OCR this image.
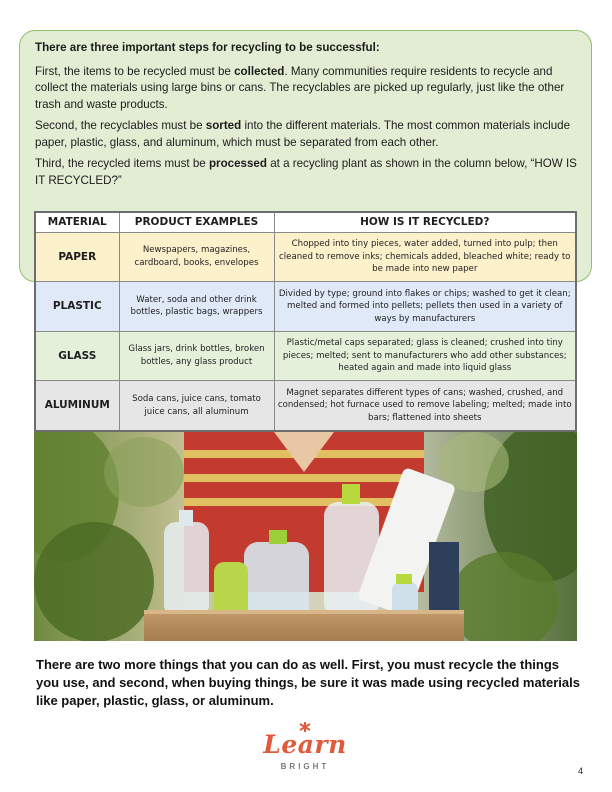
There are three important steps for recycling to be successful:

First, the items to be recycled must be collected. Many communities require residents to recycle and collect the materials using large bins or cans. The recyclables are picked up regularly, just like the other trash and waste products.

Second, the recyclables must be sorted into the different materials. The most common materials include paper, plastic, glass, and aluminum, which must be separated from each other.

Third, the recycled items must be processed at a recycling plant as shown in the column below, “HOW IS IT RECYCLED?”

MATERIAL	PRODUCT EXAMPLES	HOW IS IT RECYCLED?
PAPER	Newspapers, magazines, cardboard, books, envelopes	Chopped into tiny pieces, water added, turned into pulp; then cleaned to remove inks; chemicals added, bleached white; ready to be made into new paper
PLASTIC	Water, soda and other drink bottles, plastic bags, wrappers	Divided by type; ground into flakes or chips; washed to get it clean; melted and formed into pellets; pellets then used in a variety of ways by manufacturers
GLASS	Glass jars, drink bottles, broken bottles, any glass product	Plastic/metal caps separated; glass is cleaned; crushed into tiny pieces; melted; sent to manufacturers who add other substances; heated again and made into liquid glass
ALUMINUM	Soda cans, juice cans, tomato juice cans, all aluminum	Magnet separates different types of cans; washed, crushed, and condensed; hot furnace used to remove labeling; melted; made into bars; flattened into sheets

There are two more things that you can do as well. First, you must recycle the things you use, and second, when buying things, be sure it was made using recycled materials like paper, plastic, glass, or aluminum.

Learn
BRIGHT	4
